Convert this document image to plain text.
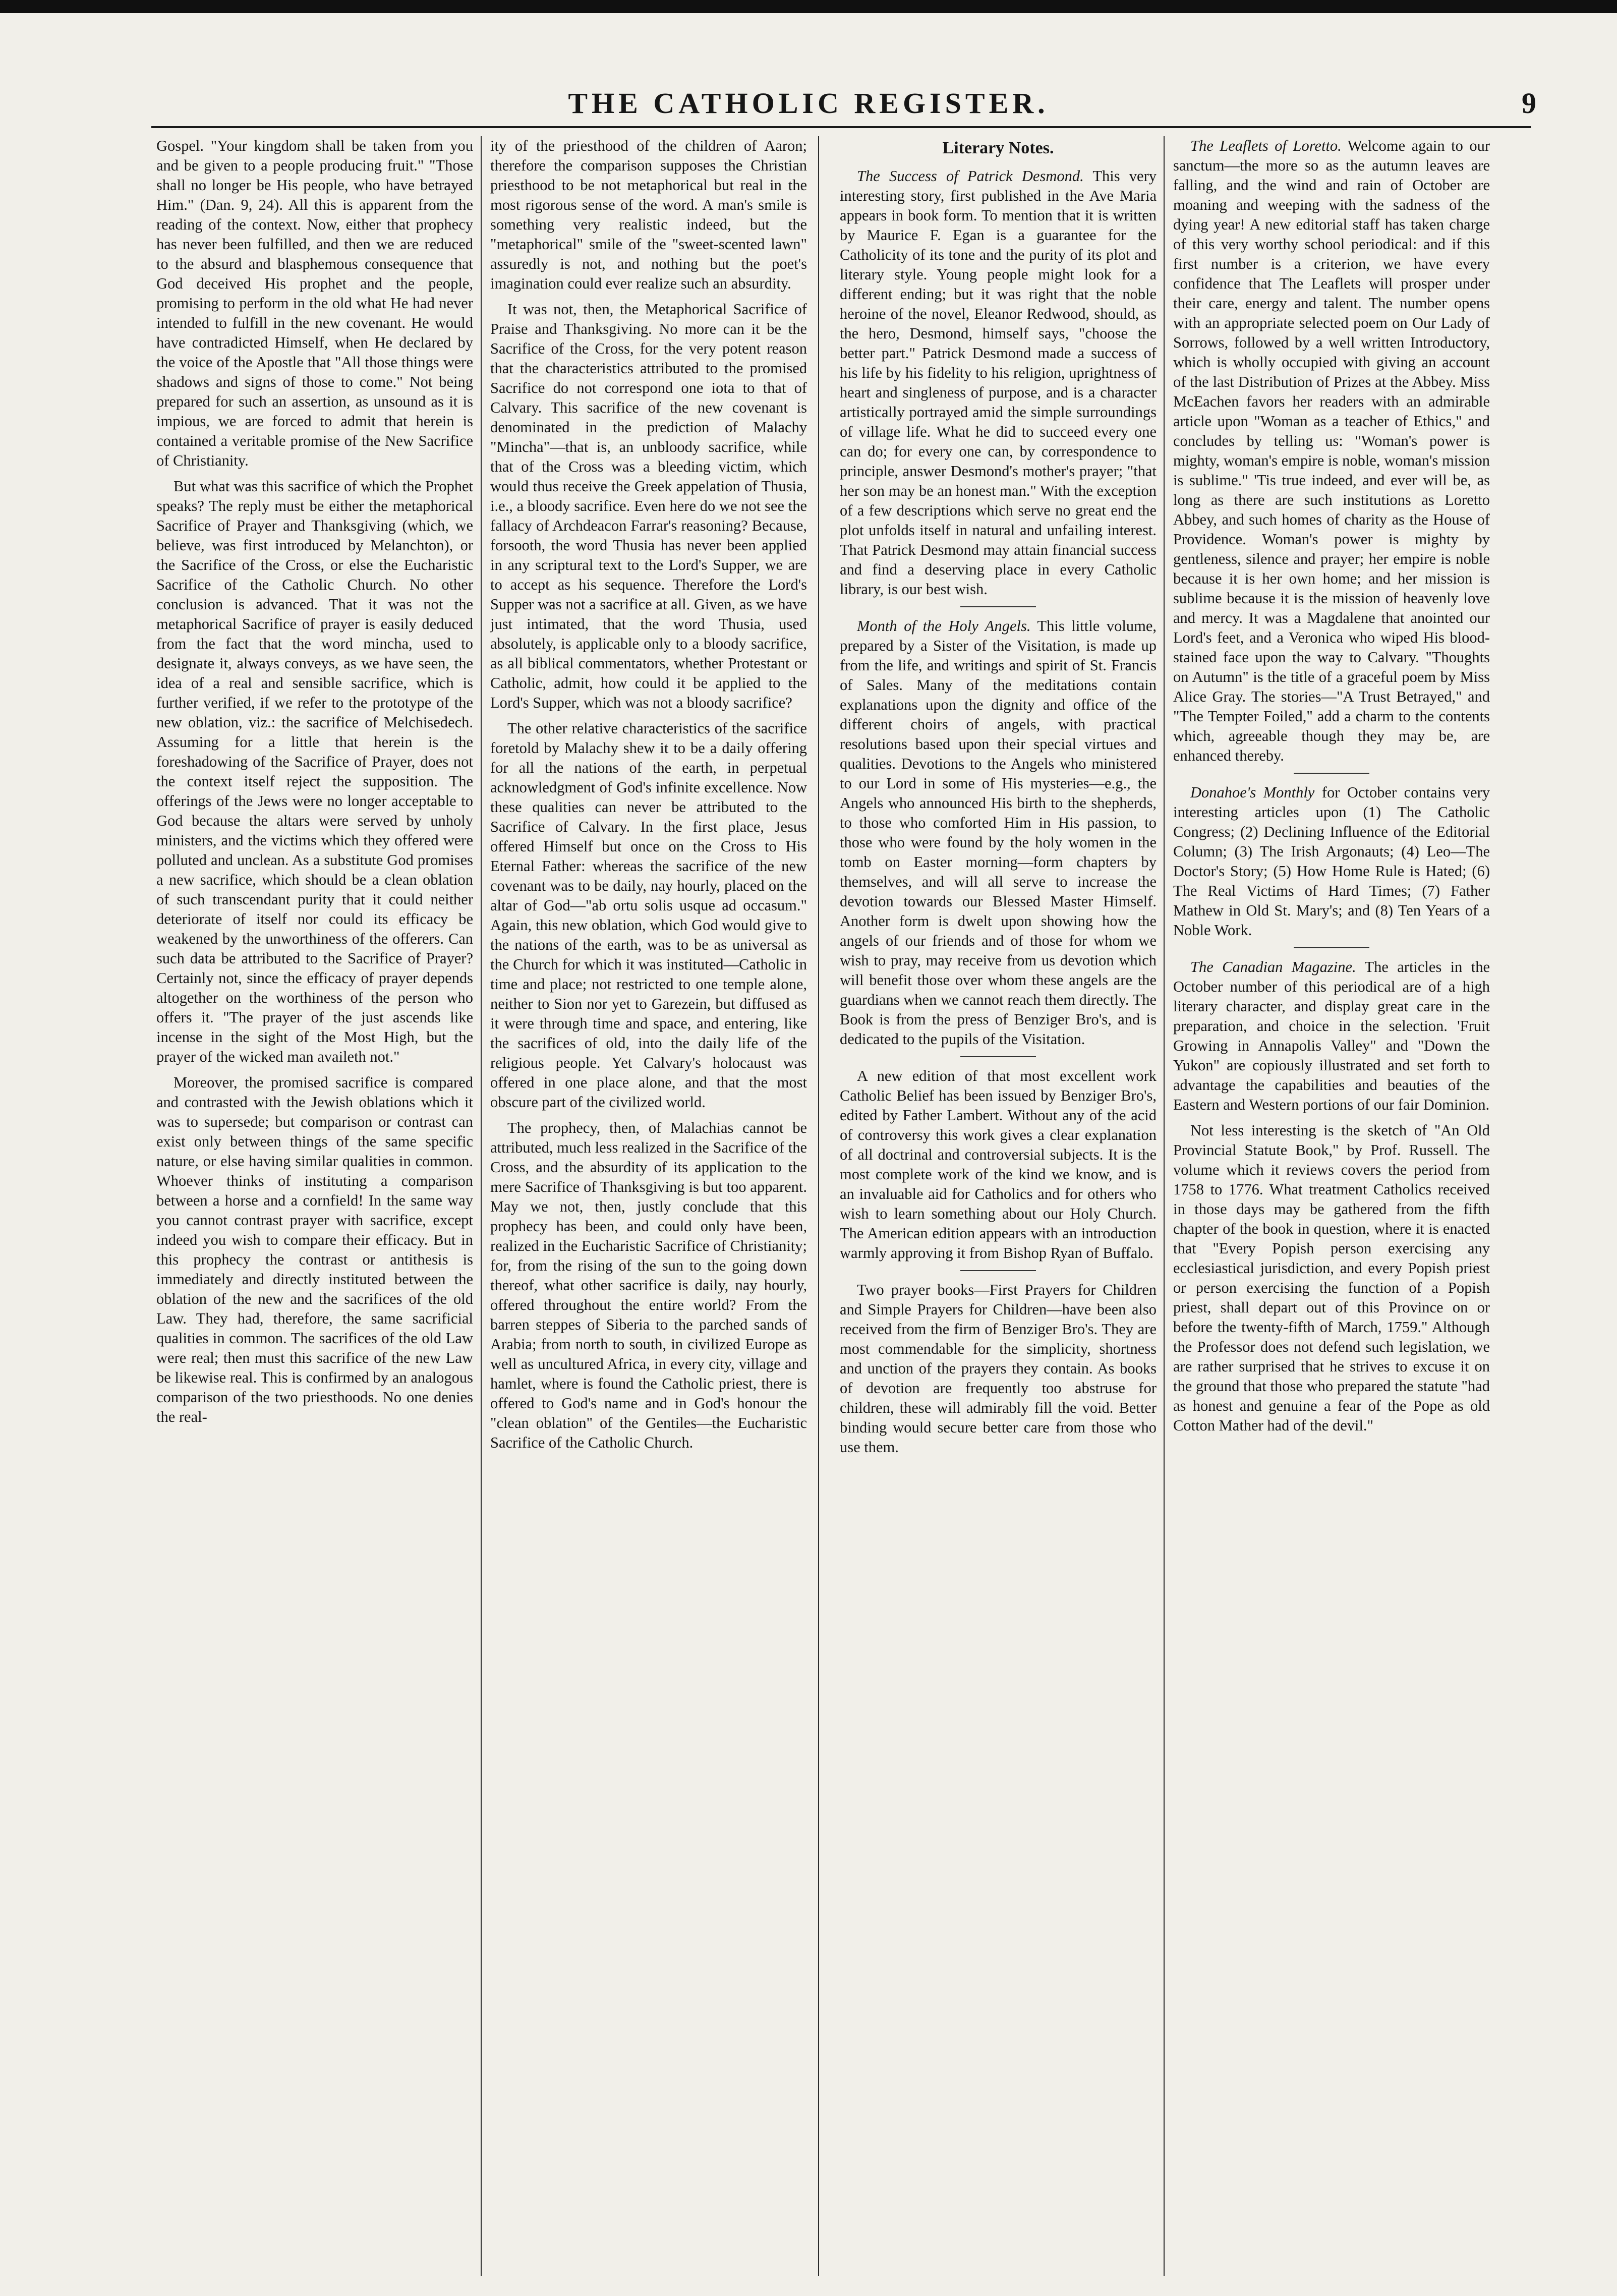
THE CATHOLIC REGISTER.	9

Gospel. "Your kingdom shall be taken from you and be given to a people producing fruit." "Those shall no longer be His people, who have betrayed Him." (Dan. 9, 24). All this is apparent from the reading of the context. Now, either that prophecy has never been fulfilled, and then we are reduced to the absurd and blasphemous consequence that God deceived His prophet and the people, promising to perform in the old what He had never intended to fulfill in the new covenant. He would have contradicted Himself, when He declared by the voice of the Apostle that "All those things were shadows and signs of those to come." Not being prepared for such an assertion, as unsound as it is impious, we are forced to admit that herein is contained a veritable promise of the New Sacrifice of Christianity.

But what was this sacrifice of which the Prophet speaks? The reply must be either the metaphorical Sacrifice of Prayer and Thanksgiving (which, we believe, was first introduced by Melanchton), or the Sacrifice of the Cross, or else the Eucharistic Sacrifice of the Catholic Church. No other conclusion is advanced. That it was not the metaphorical Sacrifice of prayer is easily deduced from the fact that the word mincha, used to designate it, always conveys, as we have seen, the idea of a real and sensible sacrifice, which is further verified, if we refer to the prototype of the new oblation, viz.: the sacrifice of Melchisedech. Assuming for a little that herein is the foreshadowing of the Sacrifice of Prayer, does not the context itself reject the supposition. The offerings of the Jews were no longer acceptable to God because the altars were served by unholy ministers, and the victims which they offered were polluted and unclean. As a substitute God promises a new sacrifice, which should be a clean oblation of such transcendant purity that it could neither deteriorate of itself nor could its efficacy be weakened by the unworthiness of the offerers. Can such data be attributed to the Sacrifice of Prayer? Certainly not, since the efficacy of prayer depends altogether on the worthiness of the person who offers it. "The prayer of the just ascends like incense in the sight of the Most High, but the prayer of the wicked man availeth not."

Moreover, the promised sacrifice is compared and contrasted with the Jewish oblations which it was to supersede; but comparison or contrast can exist only between things of the same specific nature, or else having similar qualities in common. Whoever thinks of instituting a comparison between a horse and a cornfield! In the same way you cannot contrast prayer with sacrifice, except indeed you wish to compare their efficacy. But in this prophecy the contrast or antithesis is immediately and directly instituted between the oblation of the new and the sacrifices of the old Law. They had, therefore, the same sacrificial qualities in common. The sacrifices of the old Law were real; then must this sacrifice of the new Law be likewise real. This is confirmed by an analogous comparison of the two priesthoods. No one denies the real-

ity of the priesthood of the children of Aaron; therefore the comparison supposes the Christian priesthood to be not metaphorical but real in the most rigorous sense of the word. A man's smile is something very realistic indeed, but the "metaphorical" smile of the "sweet-scented lawn" assuredly is not, and nothing but the poet's imagination could ever realize such an absurdity.

It was not, then, the Metaphorical Sacrifice of Praise and Thanksgiving. No more can it be the Sacrifice of the Cross, for the very potent reason that the characteristics attributed to the promised Sacrifice do not correspond one iota to that of Calvary. This sacrifice of the new covenant is denominated in the prediction of Malachy "Mincha"—that is, an unbloody sacrifice, while that of the Cross was a bleeding victim, which would thus receive the Greek appelation of Thusia, i.e., a bloody sacrifice. Even here do we not see the fallacy of Archdeacon Farrar's reasoning? Because, forsooth, the word Thusia has never been applied in any scriptural text to the Lord's Supper, we are to accept as his sequence. Therefore the Lord's Supper was not a sacrifice at all. Given, as we have just intimated, that the word Thusia, used absolutely, is applicable only to a bloody sacrifice, as all biblical commentators, whether Protestant or Catholic, admit, how could it be applied to the Lord's Supper, which was not a bloody sacrifice?

The other relative characteristics of the sacrifice foretold by Malachy shew it to be a daily offering for all the nations of the earth, in perpetual acknowledgment of God's infinite excellence. Now these qualities can never be attributed to the Sacrifice of Calvary. In the first place, Jesus offered Himself but once on the Cross to His Eternal Father: whereas the sacrifice of the new covenant was to be daily, nay hourly, placed on the altar of God—"ab ortu solis usque ad occasum." Again, this new oblation, which God would give to the nations of the earth, was to be as universal as the Church for which it was instituted—Catholic in time and place; not restricted to one temple alone, neither to Sion nor yet to Garezein, but diffused as it were through time and space, and entering, like the sacrifices of old, into the daily life of the religious people. Yet Calvary's holocaust was offered in one place alone, and that the most obscure part of the civilized world.

The prophecy, then, of Malachias cannot be attributed, much less realized in the Sacrifice of the Cross, and the absurdity of its application to the mere Sacrifice of Thanksgiving is but too apparent. May we not, then, justly conclude that this prophecy has been, and could only have been, realized in the Eucharistic Sacrifice of Christianity; for, from the rising of the sun to the going down thereof, what other sacrifice is daily, nay hourly, offered throughout the entire world? From the barren steppes of Siberia to the parched sands of Arabia; from north to south, in civilized Europe as well as uncultured Africa, in every city, village and hamlet, where is found the Catholic priest, there is offered to God's name and in God's honour the "clean oblation" of the Gentiles—the Eucharistic Sacrifice of the Catholic Church.

Literary Notes.

The Success of Patrick Desmond. This very interesting story, first published in the Ave Maria appears in book form. To mention that it is written by Maurice F. Egan is a guarantee for the Catholicity of its tone and the purity of its plot and literary style. Young people might look for a different ending; but it was right that the noble heroine of the novel, Eleanor Redwood, should, as the hero, Desmond, himself says, "choose the better part." Patrick Desmond made a success of his life by his fidelity to his religion, uprightness of heart and singleness of purpose, and is a character artistically portrayed amid the simple surroundings of village life. What he did to succeed every one can do; for every one can, by correspondence to principle, answer Desmond's mother's prayer; "that her son may be an honest man." With the exception of a few descriptions which serve no great end the plot unfolds itself in natural and unfailing interest. That Patrick Desmond may attain financial success and find a deserving place in every Catholic library, is our best wish.

Month of the Holy Angels. This little volume, prepared by a Sister of the Visitation, is made up from the life, and writings and spirit of St. Francis of Sales. Many of the meditations contain explanations upon the dignity and office of the different choirs of angels, with practical resolutions based upon their special virtues and qualities. Devotions to the Angels who ministered to our Lord in some of His mysteries—e.g., the Angels who announced His birth to the shepherds, to those who comforted Him in His passion, to those who were found by the holy women in the tomb on Easter morning—form chapters by themselves, and will all serve to increase the devotion towards our Blessed Master Himself. Another form is dwelt upon showing how the angels of our friends and of those for whom we wish to pray, may receive from us devotion which will benefit those over whom these angels are the guardians when we cannot reach them directly. The Book is from the press of Benziger Bro's, and is dedicated to the pupils of the Visitation.

A new edition of that most excellent work Catholic Belief has been issued by Benziger Bro's, edited by Father Lambert. Without any of the acid of controversy this work gives a clear explanation of all doctrinal and controversial subjects. It is the most complete work of the kind we know, and is an invaluable aid for Catholics and for others who wish to learn something about our Holy Church. The American edition appears with an introduction warmly approving it from Bishop Ryan of Buffalo.

Two prayer books—First Prayers for Children and Simple Prayers for Children—have been also received from the firm of Benziger Bro's. They are most commendable for the simplicity, shortness and unction of the prayers they contain. As books of devotion are frequently too abstruse for children, these will admirably fill the void. Better binding would secure better care from those who use them.

The Leaflets of Loretto. Welcome again to our sanctum—the more so as the autumn leaves are falling, and the wind and rain of October are moaning and weeping with the sadness of the dying year! A new editorial staff has taken charge of this very worthy school periodical: and if this first number is a criterion, we have every confidence that The Leaflets will prosper under their care, energy and talent. The number opens with an appropriate selected poem on Our Lady of Sorrows, followed by a well written Introductory, which is wholly occupied with giving an account of the last Distribution of Prizes at the Abbey. Miss McEachen favors her readers with an admirable article upon "Woman as a teacher of Ethics," and concludes by telling us: "Woman's power is mighty, woman's empire is noble, woman's mission is sublime." 'Tis true indeed, and ever will be, as long as there are such institutions as Loretto Abbey, and such homes of charity as the House of Providence. Woman's power is mighty by gentleness, silence and prayer; her empire is noble because it is her own home; and her mission is sublime because it is the mission of heavenly love and mercy. It was a Magdalene that anointed our Lord's feet, and a Veronica who wiped His blood-stained face upon the way to Calvary. "Thoughts on Autumn" is the title of a graceful poem by Miss Alice Gray. The stories—"A Trust Betrayed," and "The Tempter Foiled," add a charm to the contents which, agreeable though they may be, are enhanced thereby.

Donahoe's Monthly for October contains very interesting articles upon (1) The Catholic Congress; (2) Declining Influence of the Editorial Column; (3) The Irish Argonauts; (4) Leo—The Doctor's Story; (5) How Home Rule is Hated; (6) The Real Victims of Hard Times; (7) Father Mathew in Old St. Mary's; and (8) Ten Years of a Noble Work.

The Canadian Magazine. The articles in the October number of this periodical are of a high literary character, and display great care in the preparation, and choice in the selection. 'Fruit Growing in Annapolis Valley" and "Down the Yukon" are copiously illustrated and set forth to advantage the capabilities and beauties of the Eastern and Western portions of our fair Dominion.

Not less interesting is the sketch of "An Old Provincial Statute Book," by Prof. Russell. The volume which it reviews covers the period from 1758 to 1776. What treatment Catholics received in those days may be gathered from the fifth chapter of the book in question, where it is enacted that "Every Popish person exercising any ecclesiastical jurisdiction, and every Popish priest or person exercising the function of a Popish priest, shall depart out of this Province on or before the twenty-fifth of March, 1759." Although the Professor does not defend such legislation, we are rather surprised that he strives to excuse it on the ground that those who prepared the statute "had as honest and genuine a fear of the Pope as old Cotton Mather had of the devil."
